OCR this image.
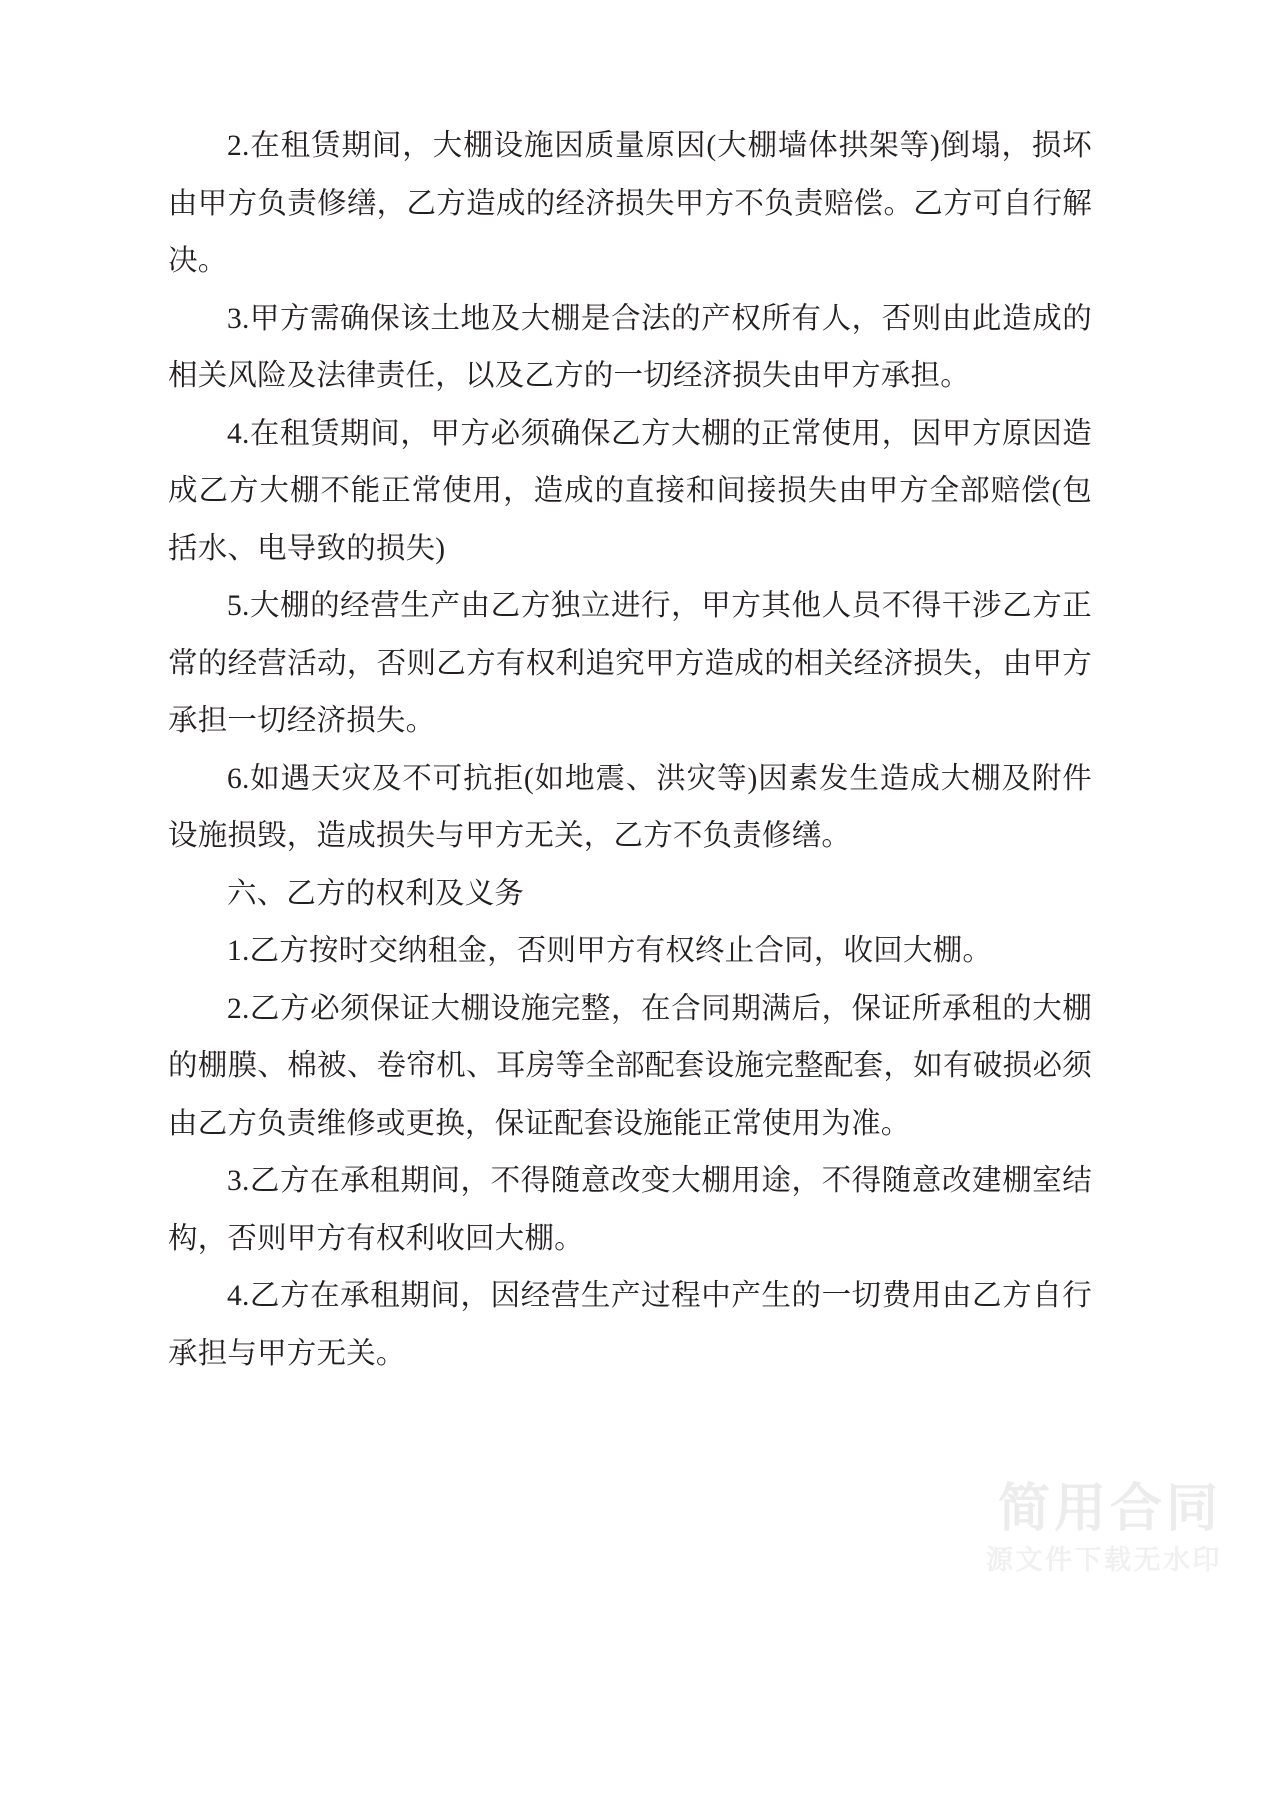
2.在租赁期间，大棚设施因质量原因(大棚墙体拱架等)倒塌，损坏由甲方负责修缮，乙方造成的经济损失甲方不负责赔偿。乙方可自行解决。

3.甲方需确保该土地及大棚是合法的产权所有人，否则由此造成的相关风险及法律责任，以及乙方的一切经济损失由甲方承担。

4.在租赁期间，甲方必须确保乙方大棚的正常使用，因甲方原因造成乙方大棚不能正常使用，造成的直接和间接损失由甲方全部赔偿(包括水、电导致的损失)

5.大棚的经营生产由乙方独立进行，甲方其他人员不得干涉乙方正常的经营活动，否则乙方有权利追究甲方造成的相关经济损失，由甲方承担一切经济损失。

6.如遇天灾及不可抗拒(如地震、洪灾等)因素发生造成大棚及附件设施损毁，造成损失与甲方无关，乙方不负责修缮。

六、乙方的权利及义务

1.乙方按时交纳租金，否则甲方有权终止合同，收回大棚。

2.乙方必须保证大棚设施完整，在合同期满后，保证所承租的大棚的棚膜、棉被、卷帘机、耳房等全部配套设施完整配套，如有破损必须由乙方负责维修或更换，保证配套设施能正常使用为准。

3.乙方在承租期间，不得随意改变大棚用途，不得随意改建棚室结构，否则甲方有权利收回大棚。

4.乙方在承租期间，因经营生产过程中产生的一切费用由乙方自行承担与甲方无关。

简用合同
源文件下载无水印
